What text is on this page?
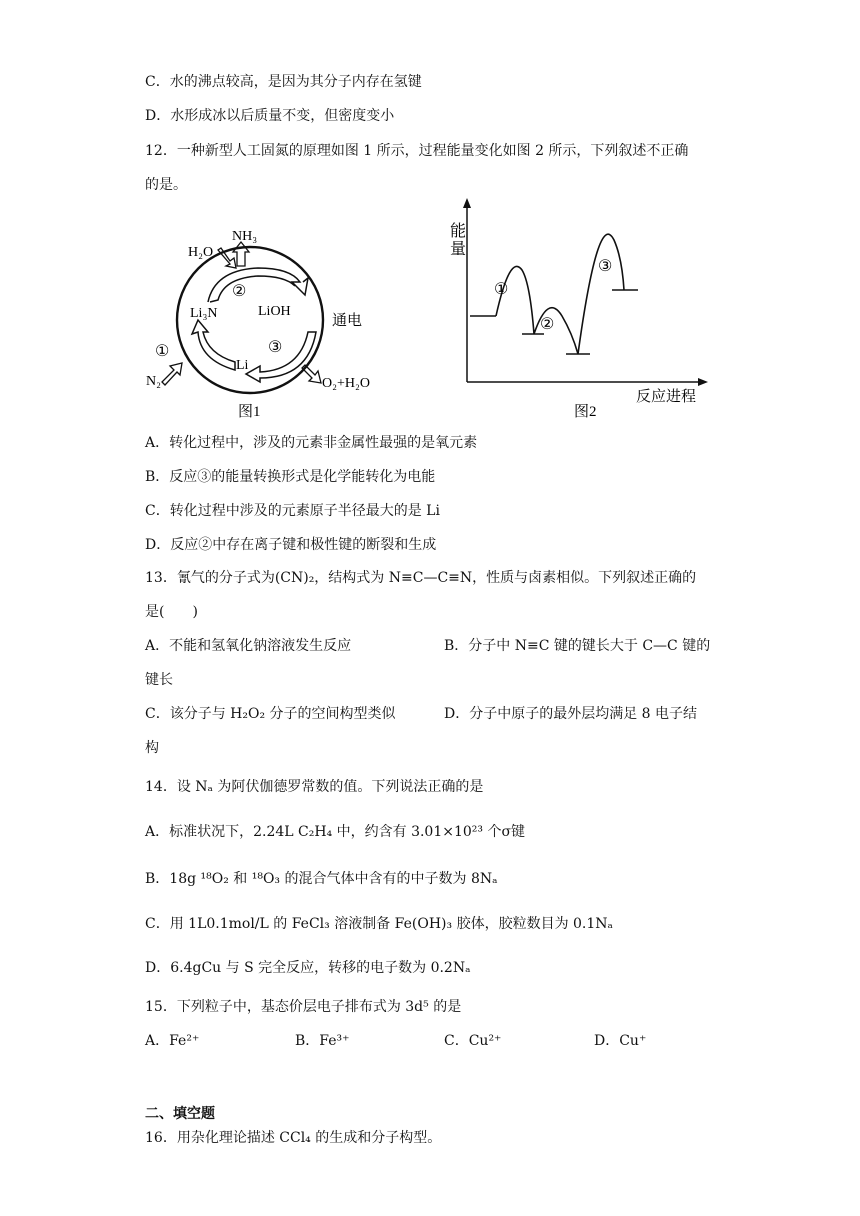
C．水的沸点较高，是因为其分子内存在氢键
D．水形成冰以后质量不变，但密度变小
12．一种新型人工固氮的原理如图 1 所示，过程能量变化如图 2 所示，下列叙述不正确
的是。
H₂O
NH₃
Li₃N	LiOH
Li
N₂	O₂+H₂O
通电
①
②
③
图1
能
量
①
②
③
反应进程
图2
A．转化过程中，涉及的元素非金属性最强的是氧元素
B．反应③的能量转换形式是化学能转化为电能
C．转化过程中涉及的元素原子半径最大的是 Li
D．反应②中存在离子键和极性键的断裂和生成
13．氰气的分子式为(CN)₂，结构式为 N≡C—C≡N，性质与卤素相似。下列叙述正确的
是(　　)
A．不能和氢氧化钠溶液发生反应	B．分子中 N≡C 键的键长大于 C—C 键的
键长
C．该分子与 H₂O₂ 分子的空间构型类似	D．分子中原子的最外层均满足 8 电子结
构
14．设 Nₐ 为阿伏伽德罗常数的值。下列说法正确的是
A．标准状况下，2.24L C₂H₄ 中，约含有 3.01×10²³ 个σ键
B．18g ¹⁸O₂ 和 ¹⁸O₃ 的混合气体中含有的中子数为 8Nₐ
C．用 1L0.1mol/L 的 FeCl₃ 溶液制备 Fe(OH)₃ 胶体，胶粒数目为 0.1Nₐ
D．6.4gCu 与 S 完全反应，转移的电子数为 0.2Nₐ
15．下列粒子中，基态价层电子排布式为 3d⁵ 的是
A．Fe²⁺	B．Fe³⁺	C．Cu²⁺	D．Cu⁺
二、填空题
16．用杂化理论描述 CCl₄ 的生成和分子构型。
